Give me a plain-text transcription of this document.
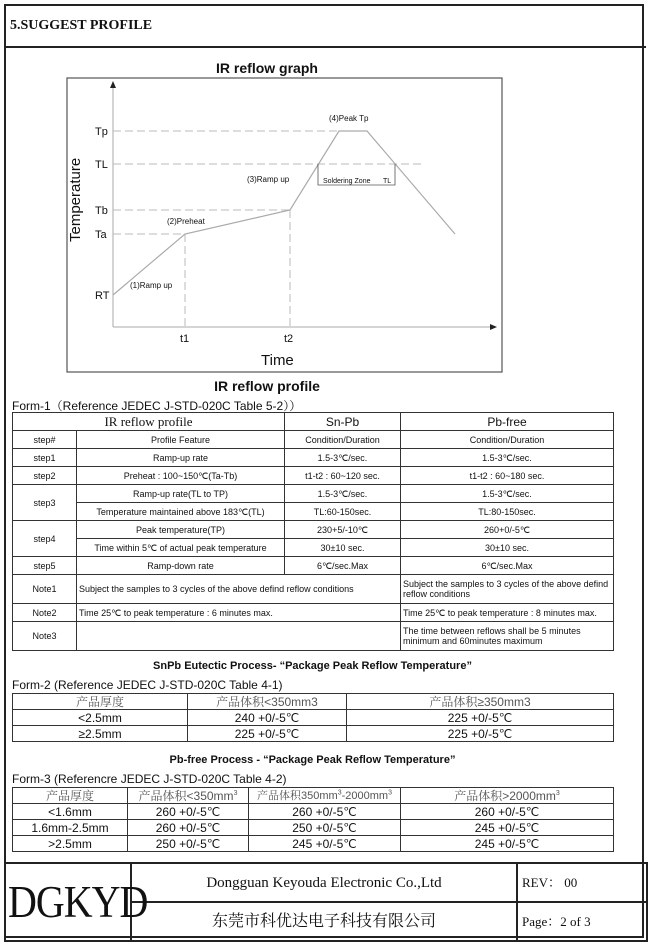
5.SUGGEST PROFILE
IR reflow graph
Tp
TL
Tb
Ta
RT
t1	t2
Temperature
Time
(1)Ramp up
(2)Preheat
(3)Ramp up
(4)Peak Tp
Soldering Zone TL
IR reflow profile
Form-1（Reference JEDEC J-STD-020C Table 5-2））
IR reflow profile		Sn-Pb	Pb-free
step#	Profile Feature	Condition/Duration	Condition/Duration
step1	Ramp-up rate	1.5-3℃/sec.	1.5-3℃/sec.
step2	Preheat : 100~150℃(Ta-Tb)	t1-t2 : 60~120 sec.	t1-t2 : 60~180 sec.
step3	Ramp-up rate(TL to TP)	1.5-3℃/sec.	1.5-3℃/sec.
	Temperature maintained above 183℃(TL)	TL:60-150sec.	TL:80-150sec.
step4	Peak temperature(TP)	230+5/-10℃	260+0/-5℃
	Time within 5℃ of actual peak temperature	30±10 sec.	30±10 sec.
step5	Ramp-down rate	6℃/sec.Max	6℃/sec.Max
Note1	Subject the samples to 3 cycles of the above defind reflow conditions		Subject the samples to 3 cycles of the above defind reflow conditions
Note2	Time 25℃ to peak temperature : 6 minutes max.		Time 25℃ to peak temperature : 8 minutes max.
Note3			The time between reflows shall be 5 minutes minimum and 60minutes maximum
SnPb Eutectic Process- “Package Peak Reflow Temperature”
Form-2 (Reference JEDEC J-STD-020C Table 4-1)
产品厚度	产品体积<350mm3	产品体积≥350mm3
<2.5mm	240 +0/-5℃	225 +0/-5℃
≥2.5mm	225 +0/-5℃	225 +0/-5℃
Pb-free Process - “Package Peak Reflow Temperature”
Form-3 (Referencre JEDEC J-STD-020C Table 4-2)
产品厚度	产品体积$<350mm^3$	产品体积$350mm^3-2000mm^3$	产品体积$>2000mm^3$
<1.6mm	260 +0/-5℃	260 +0/-5℃	260 +0/-5℃
1.6mm-2.5mm	260 +0/-5℃	250 +0/-5℃	245 +0/-5℃
>2.5mm	250 +0/-5℃	245 +0/-5℃	245 +0/-5℃
DGKYD	Dongguan Keyouda Electronic Co.,Ltd	REV： 00
	东莞市科优达电子科技有限公司	Page：2 of 3
